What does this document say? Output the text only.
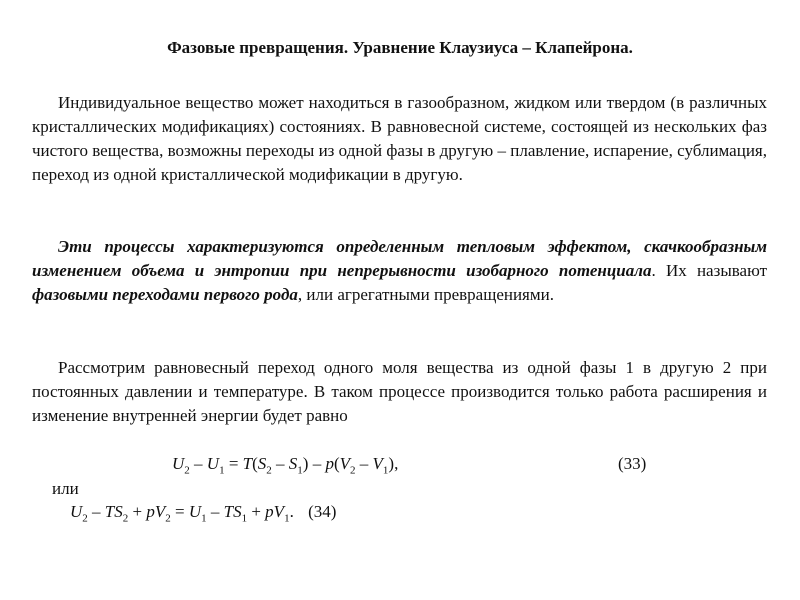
Фазовые превращения. Уравнение Клаузиуса – Клапейрона.
Индивидуальное вещество может находиться в газообразном, жидком или твердом (в различных кристаллических модификациях) состояниях. В равновесной системе, состоящей из нескольких фаз чистого вещества, возможны переходы из одной фазы в другую – плавление, испарение, сублимация, переход из одной кристаллической модификации в другую.
Эти процессы характеризуются определенным тепловым эффектом, скачкообразным изменением объема и энтропии при непрерывности изобарного потенциала. Их называют фазовыми переходами первого рода, или агрегатными превращениями.
Рассмотрим равновесный переход одного моля вещества из одной фазы 1 в другую 2 при постоянных давлении и температуре. В таком процессе производится только работа расширения и изменение внутренней энергии будет равно
$U_2 - U_1 = T(S_2 - S_1) - p(V_2 - V_1)$,	(33)
или
$U_2 - TS_2 + pV_2 = U_1 - TS_1 + pV_1$. (34)
